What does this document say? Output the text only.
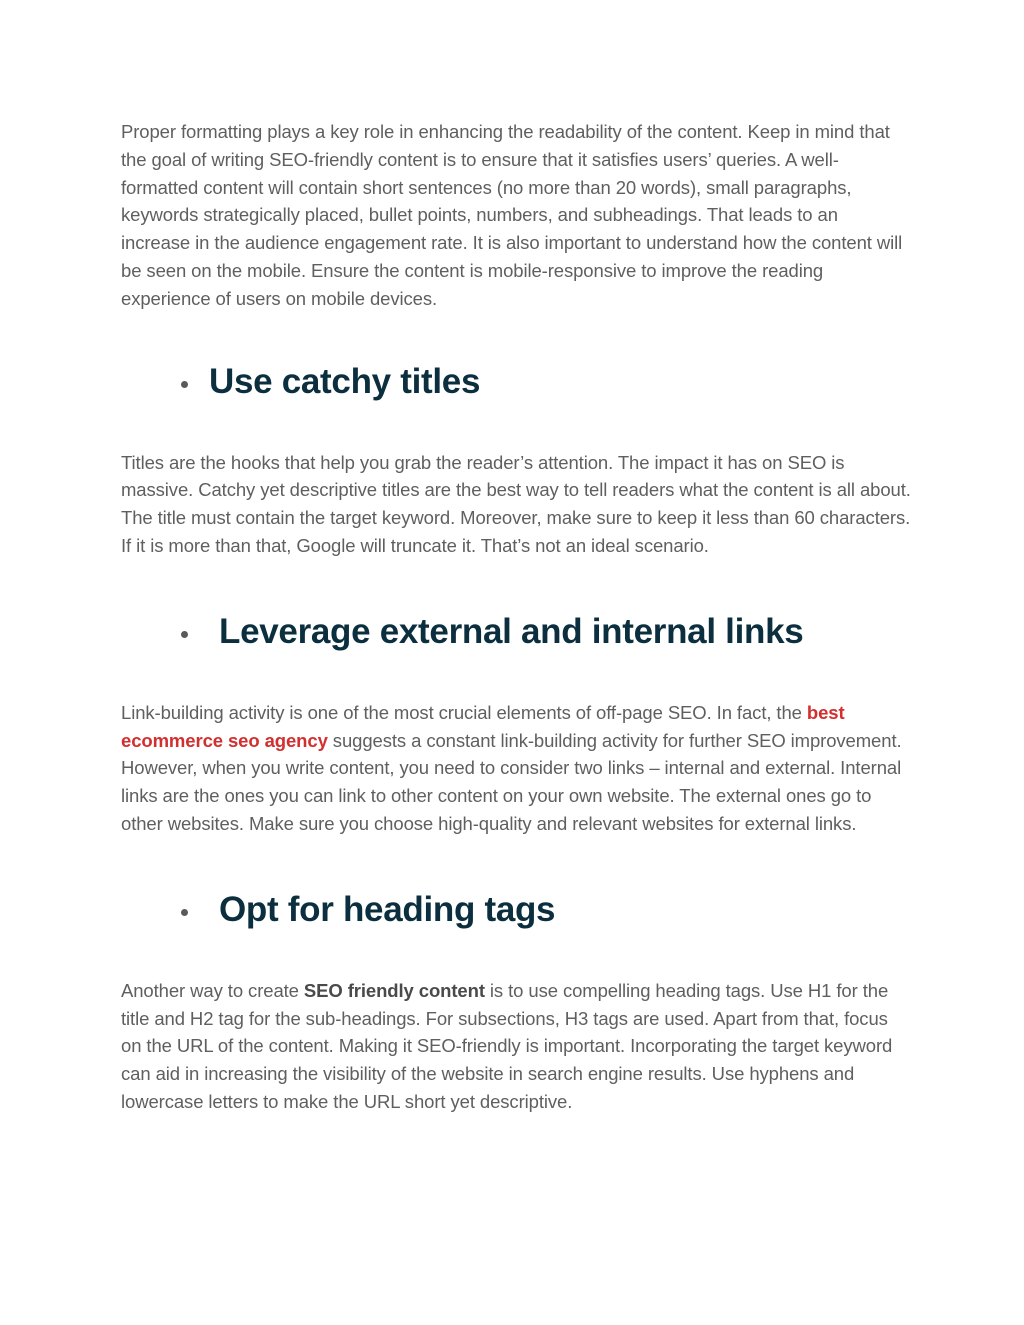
Proper formatting plays a key role in enhancing the readability of the content. Keep in mind that the goal of writing SEO-friendly content is to ensure that it satisfies users’ queries. A well-formatted content will contain short sentences (no more than 20 words), small paragraphs, keywords strategically placed, bullet points, numbers, and subheadings. That leads to an increase in the audience engagement rate. It is also important to understand how the content will be seen on the mobile. Ensure the content is mobile-responsive to improve the reading experience of users on mobile devices.

Use catchy titles

Titles are the hooks that help you grab the reader’s attention. The impact it has on SEO is massive. Catchy yet descriptive titles are the best way to tell readers what the content is all about. The title must contain the target keyword. Moreover, make sure to keep it less than 60 characters. If it is more than that, Google will truncate it. That’s not an ideal scenario.

Leverage external and internal links

Link-building activity is one of the most crucial elements of off-page SEO. In fact, the best ecommerce seo agency suggests a constant link-building activity for further SEO improvement. However, when you write content, you need to consider two links – internal and external. Internal links are the ones you can link to other content on your own website. The external ones go to other websites. Make sure you choose high-quality and relevant websites for external links.

Opt for heading tags

Another way to create SEO friendly content is to use compelling heading tags. Use H1 for the title and H2 tag for the sub-headings. For subsections, H3 tags are used. Apart from that, focus on the URL of the content. Making it SEO-friendly is important. Incorporating the target keyword can aid in increasing the visibility of the website in search engine results. Use hyphens and lowercase letters to make the URL short yet descriptive.
